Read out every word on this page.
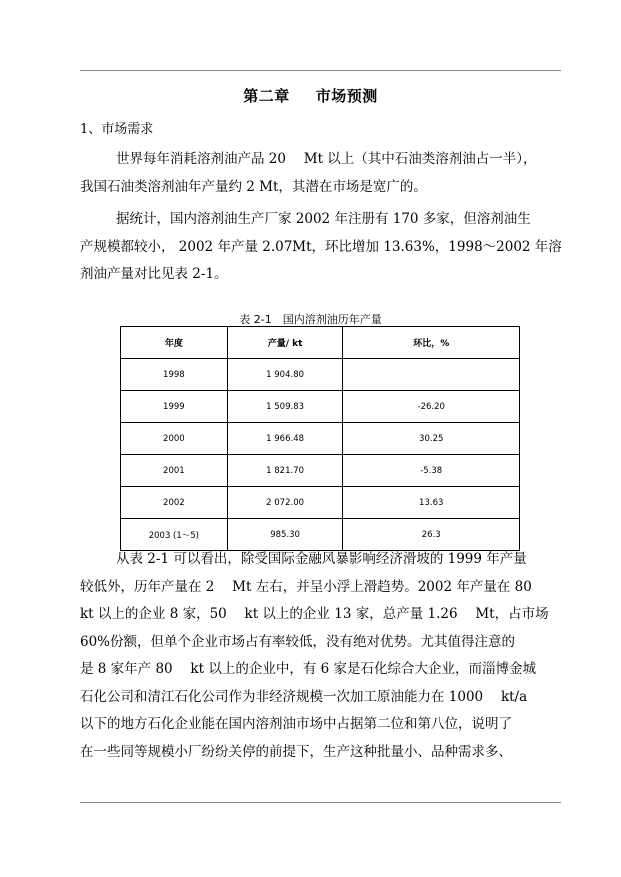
第二章 市场预测
1、市场需求
世界每年消耗溶剂油产品 20 　Mt 以上（其中石油类溶剂油占一半），
我国石油类溶剂油年产量约 2 Mt，其潜在市场是宽广的。
据统计，国内溶剂油生产厂家 2002 年注册有 170 多家，但溶剂油生
产规模都较小， 2002 年产量 2.07Mt，环比增加 13.63%，1998～2002 年溶
剂油产量对比见表 2-1。
表 2-1　国内溶剂油历年产量
年度	产量/ kt	环比，%
1998	1 904.80	
1999	1 509.83	-26.20
2000	1 966.48	30.25
2001	1 821.70	-5.38
2002	2 072.00	13.63
2003 (1～5)	985.30	26.3
从表 2-1 可以看出，除受国际金融风暴影响经济滑坡的 1999 年产量
较低外，历年产量在 2 　Mt 左右，并呈小浮上滑趋势。2002 年产量在 80
kt 以上的企业 8 家，50 　kt 以上的企业 13 家，总产量 1.26 　Mt，占市场
60%份额，但单个企业市场占有率较低，没有绝对优势。尤其值得注意的
是 8 家年产 80 　kt 以上的企业中，有 6 家是石化综合大企业，而淄博金城
石化公司和清江石化公司作为非经济规模一次加工原油能力在 1000 　kt/a
以下的地方石化企业能在国内溶剂油市场中占据第二位和第八位，说明了
在一些同等规模小厂纷纷关停的前提下，生产这种批量小、品种需求多、
